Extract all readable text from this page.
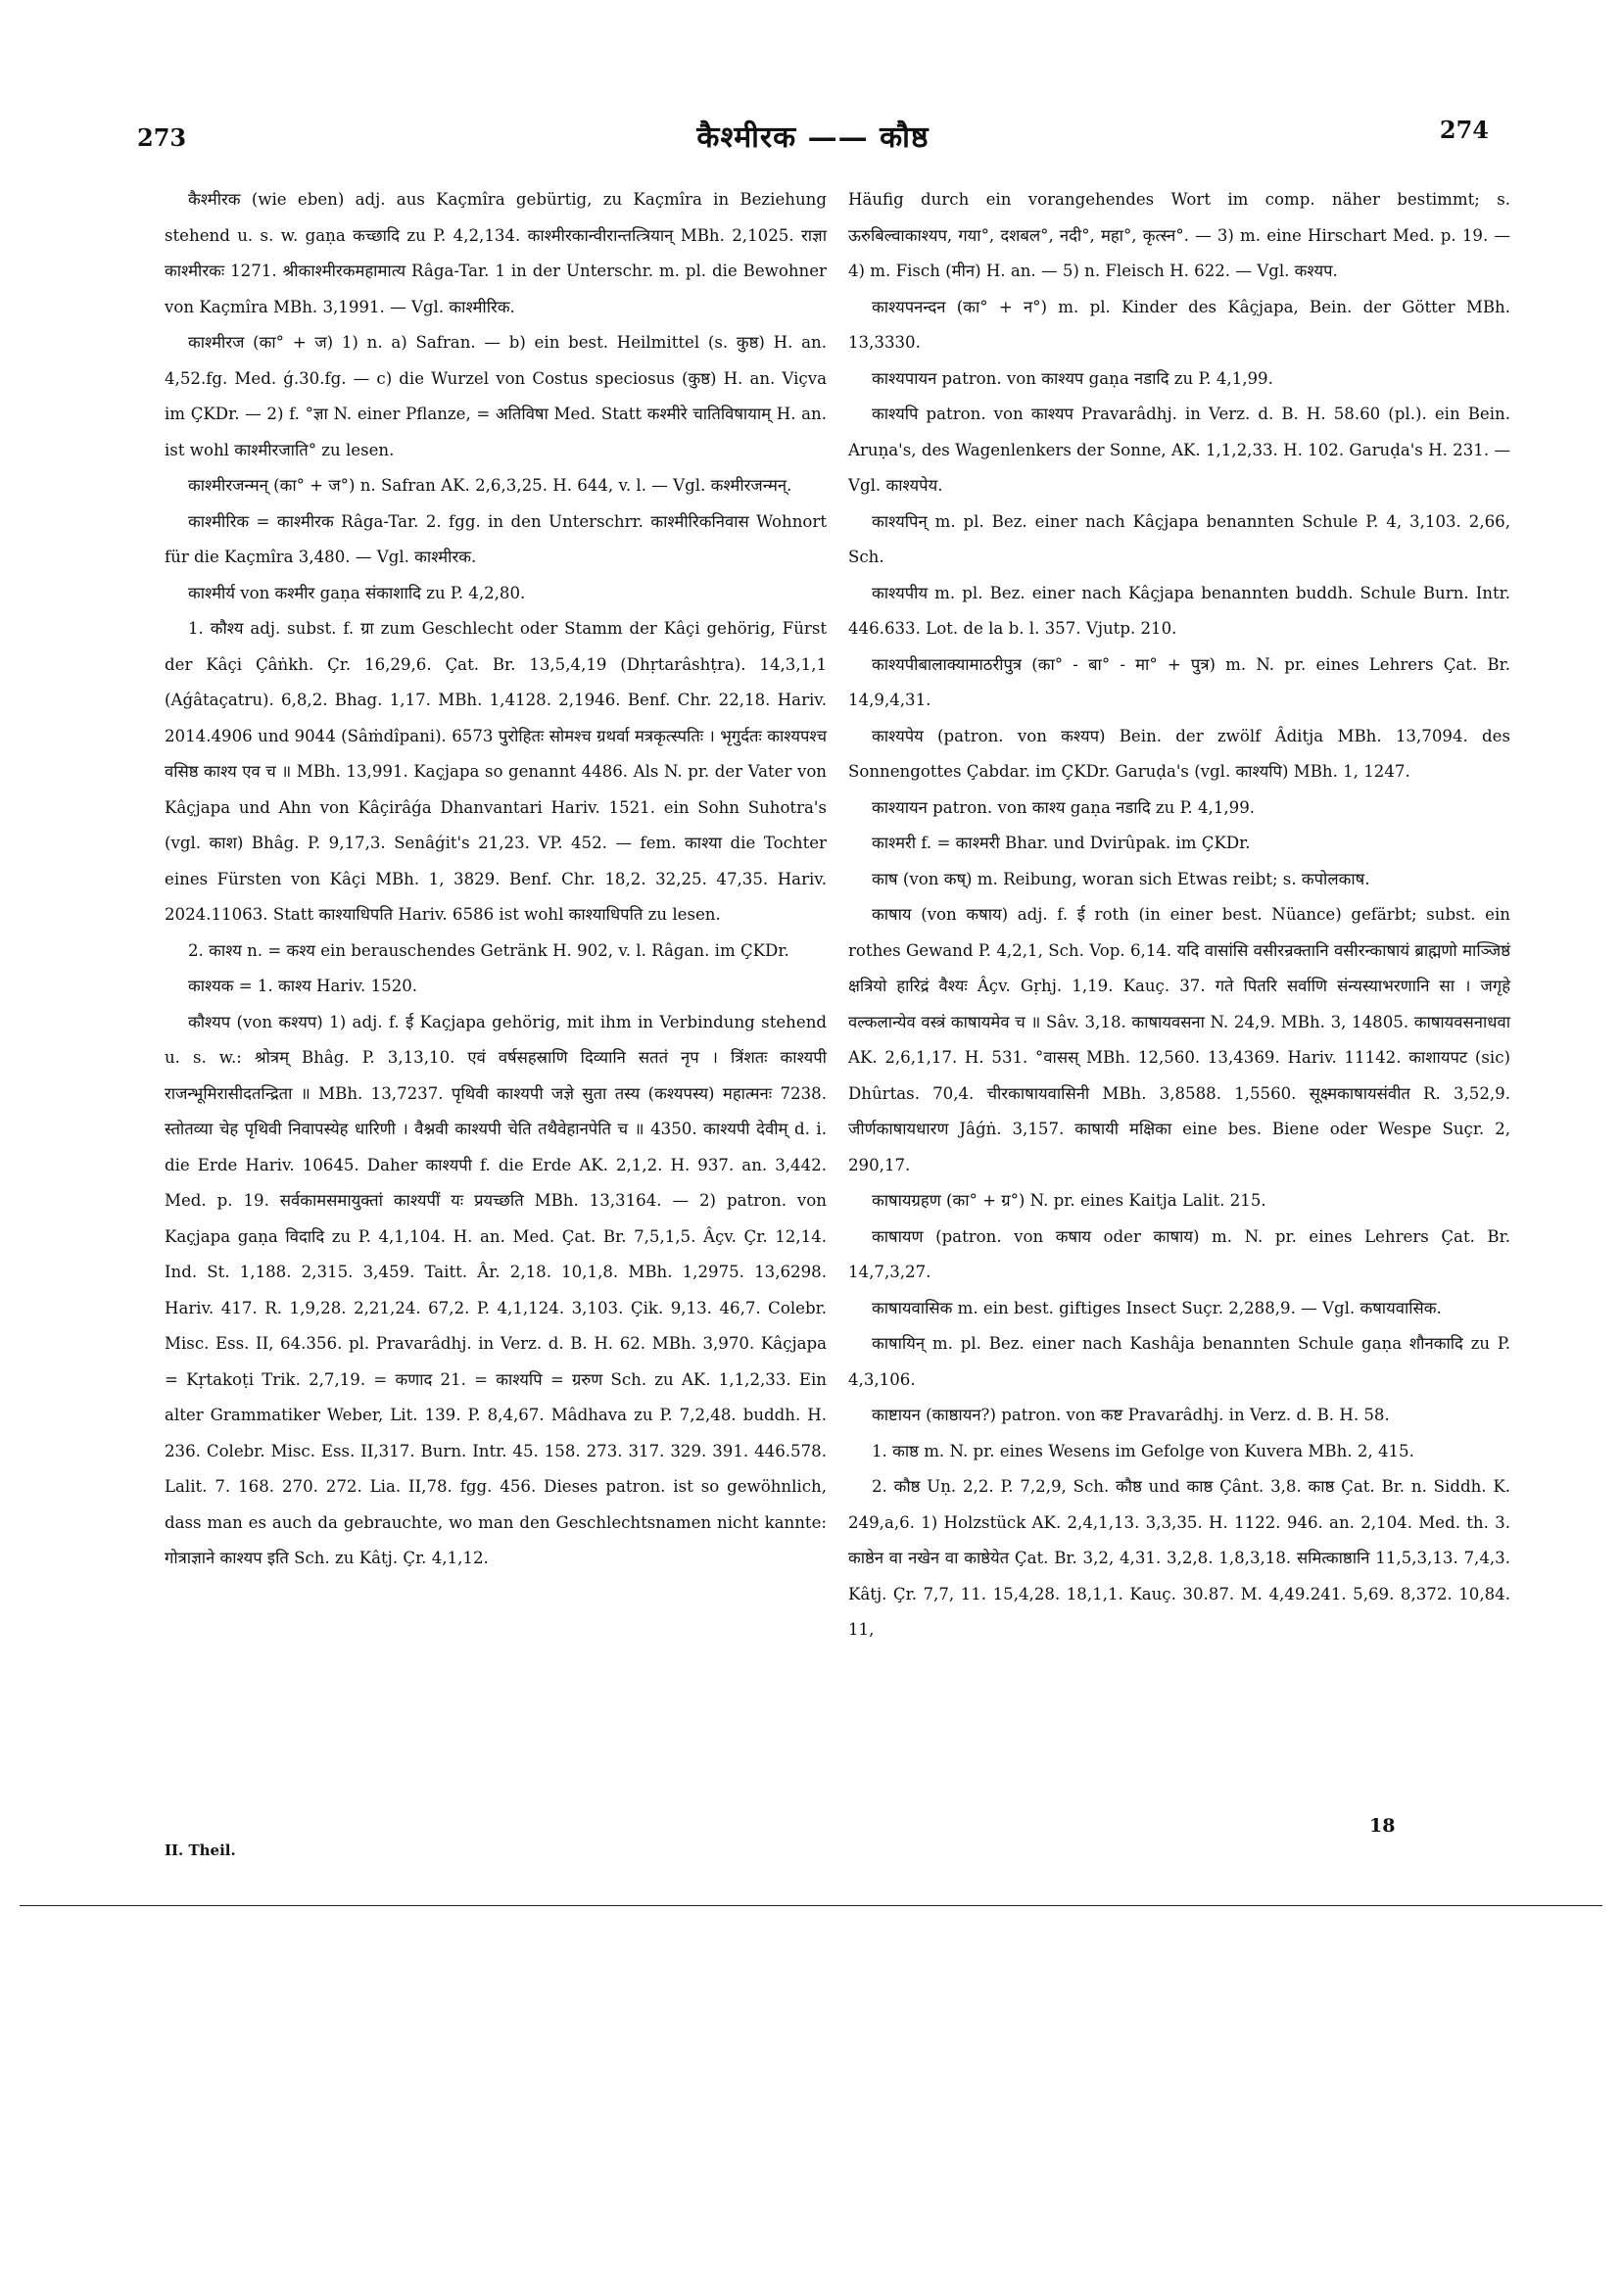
273	कैश्मीरक —— कौष्ठ	274

कैश्मीरक (wie eben) adj. aus Kaçmîra gebürtig, zu Kaçmîra in Beziehung stehend u. s. w. gaṇa कच्छादि zu P. 4,2,134. काश्मीरकान्वीरान्तत्त्रियान् MBh. 2,1025. राज्ञा काश्मीरकः 1271. श्रीकाश्मीरकमहामात्य Râga-Tar. 1 in der Unterschr. m. pl. die Bewohner von Kaçmîra MBh. 3,1991. — Vgl. काश्मीरिक.

काश्मीरज (का° + ज) 1) n. a) Safran. — b) ein best. Heilmittel (s. कुष्ठ) H. an. 4,52.fg. Med. ǵ.30.fg. — c) die Wurzel von Costus speciosus (कुष्ठ) H. an. Viçva im ÇKDr. — 2) f. °ज्ञा N. einer Pflanze, = अतिविषा Med. Statt कश्मीरे चातिविषायाम् H. an. ist wohl काश्मीरजाति° zu lesen.

काश्मीरजन्मन् (का° + ज°) n. Safran AK. 2,6,3,25. H. 644, v. l. — Vgl. कश्मीरजन्मन्.

काश्मीरिक = काश्मीरक Râga-Tar. 2. fgg. in den Unterschrr. काश्मीरिकनिवास Wohnort für die Kaçmîra 3,480. — Vgl. काश्मीरक.

काश्मीर्य von कश्मीर gaṇa संकाशादि zu P. 4,2,80.

1. कौश्य adj. subst. f. ग्रा zum Geschlecht oder Stamm der Kâçi gehörig, Fürst der Kâçi Çâṅkh. Çr. 16,29,6. Çat. Br. 13,5,4,19 (Dhṛtarâshṭra). 14,3,1,1 (Aǵâtaçatru). 6,8,2. Bhag. 1,17. MBh. 1,4128. 2,1946. Benf. Chr. 22,18. Hariv. 2014.4906 und 9044 (Sâṁdîpani). 6573 पुरोहितः सोमश्च ग्रथर्वा मत्रकृत्स्पतिः । भृगुर्दतः काश्यपश्च वसिष्ठ काश्य एव च ॥ MBh. 13,991. Kaçjapa so genannt 4486. Als N. pr. der Vater von Kâçjapa und Ahn von Kâçirâǵa Dhanvantari Hariv. 1521. ein Sohn Suhotra's (vgl. काश) Bhâg. P. 9,17,3. Senâǵit's 21,23. VP. 452. — fem. काश्या die Tochter eines Fürsten von Kâçi MBh. 1, 3829. Benf. Chr. 18,2. 32,25. 47,35. Hariv. 2024.11063. Statt काश्याधिपति Hariv. 6586 ist wohl काश्याधिपति zu lesen.

2. काश्य n. = कश्य ein berauschendes Getränk H. 902, v. l. Râgan. im ÇKDr.

काश्यक = 1. काश्य Hariv. 1520.

कौश्यप (von कश्यप) 1) adj. f. ई Kaçjapa gehörig, mit ihm in Verbindung stehend u. s. w.: श्रोत्रम् Bhâg. P. 3,13,10. एवं वर्षसहस्राणि दिव्यानि सततं नृप । त्रिंशतः काश्यपी राजन्भूमिरासीदतन्द्रिता ॥ MBh. 13,7237. पृथिवी काश्यपी जज्ञे सुता तस्य (कश्यपस्य) महात्मनः 7238. स्तोतव्या चेह पृथिवी निवापस्येह धारिणी । वैश्नवी काश्यपी चेति तथैवेहानपेति च ॥ 4350. काश्यपी देवीम् d. i. die Erde Hariv. 10645. Daher काश्यपी f. die Erde AK. 2,1,2. H. 937. an. 3,442. Med. p. 19. सर्वकामसमायुक्तां काश्यपीं यः प्रयच्छति MBh. 13,3164. — 2) patron. von Kaçjapa gaṇa विदादि zu P. 4,1,104. H. an. Med. Çat. Br. 7,5,1,5. Âçv. Çr. 12,14. Ind. St. 1,188. 2,315. 3,459. Taitt. Âr. 2,18. 10,1,8. MBh. 1,2975. 13,6298. Hariv. 417. R. 1,9,28. 2,21,24. 67,2. P. 4,1,124. 3,103. Çik. 9,13. 46,7. Colebr. Misc. Ess. II, 64.356. pl. Pravarâdhj. in Verz. d. B. H. 62. MBh. 3,970. Kâçjapa = Kṛtakoṭi Trik. 2,7,19. = कणाद 21. = काश्यपि = ग्ररुण Sch. zu AK. 1,1,2,33. Ein alter Grammatiker Weber, Lit. 139. P. 8,4,67. Mâdhava zu P. 7,2,48. buddh. H. 236. Colebr. Misc. Ess. II,317. Burn. Intr. 45. 158. 273. 317. 329. 391. 446.578. Lalit. 7. 168. 270. 272. Lia. II,78. fgg. 456. Dieses patron. ist so gewöhnlich, dass man es auch da gebrauchte, wo man den Geschlechtsnamen nicht kannte: गोत्राज्ञाने काश्यप इति Sch. zu Kâtj. Çr. 4,1,12.

Häufig durch ein vorangehendes Wort im comp. näher bestimmt; s. ऊरुबिल्वाकाश्यप, गया°, दशबल°, नदी°, महा°, कृत्स्न°. — 3) m. eine Hirschart Med. p. 19. — 4) m. Fisch (मीन) H. an. — 5) n. Fleisch H. 622. — Vgl. कश्यप.

काश्यपनन्दन (का° + न°) m. pl. Kinder des Kâçjapa, Bein. der Götter MBh. 13,3330.

काश्यपायन patron. von काश्यप gaṇa नडादि zu P. 4,1,99.

काश्यपि patron. von काश्यप Pravarâdhj. in Verz. d. B. H. 58.60 (pl.). ein Bein. Aruṇa's, des Wagenlenkers der Sonne, AK. 1,1,2,33. H. 102. Garuḍa's H. 231. — Vgl. काश्यपेय.

काश्यपिन् m. pl. Bez. einer nach Kâçjapa benannten Schule P. 4, 3,103. 2,66, Sch.

काश्यपीय m. pl. Bez. einer nach Kâçjapa benannten buddh. Schule Burn. Intr. 446.633. Lot. de la b. l. 357. Vjutp. 210.

काश्यपीबालाक्यामाठरीपुत्र (का° - बा° - मा° + पुत्र) m. N. pr. eines Lehrers Çat. Br. 14,9,4,31.

काश्यपेय (patron. von कश्यप) Bein. der zwölf Âditja MBh. 13,7094. des Sonnengottes Çabdar. im ÇKDr. Garuḍa's (vgl. काश्यपि) MBh. 1, 1247.

काश्यायन patron. von काश्य gaṇa नडादि zu P. 4,1,99.

काश्मरी f. = काश्मरी Bhar. und Dvirûpak. im ÇKDr.

काष (von कष्) m. Reibung, woran sich Etwas reibt; s. कपोलकाष.

काषाय (von कषाय) adj. f. ई roth (in einer best. Nüance) gefärbt; subst. ein rothes Gewand P. 4,2,1, Sch. Vop. 6,14. यदि वासांसि वसीरन्रक्तानि वसीरन्काषायं ब्राह्मणो माञ्जिष्ठं क्षत्रियो हारिद्रं वैश्यः Âçv. Gṛhj. 1,19. Kauç. 37. गते पितरि सर्वाणि संन्यस्याभरणानि सा । जगृहे वल्कलान्येव वस्त्रं काषायमेव च ॥ Sâv. 3,18. काषायवसना N. 24,9. MBh. 3, 14805. काषायवसनाधवा AK. 2,6,1,17. H. 531. °वासस् MBh. 12,560. 13,4369. Hariv. 11142. काशायपट (sic) Dhûrtas. 70,4. चीरकाषायवासिनी MBh. 3,8588. 1,5560. सूक्ष्मकाषायसंवीत R. 3,52,9. जीर्णकाषायधारण Jâǵṅ. 3,157. काषायी मक्षिका eine bes. Biene oder Wespe Suçr. 2, 290,17.

काषायग्रहण (का° + ग्र°) N. pr. eines Kaitja Lalit. 215.

काषायण (patron. von कषाय oder काषाय) m. N. pr. eines Lehrers Çat. Br. 14,7,3,27.

काषायवासिक m. ein best. giftiges Insect Suçr. 2,288,9. — Vgl. कषायवासिक.

काषायिन् m. pl. Bez. einer nach Kashâja benannten Schule gaṇa शौनकादि zu P. 4,3,106.

काष्टायन (काष्ठायन?) patron. von कष्ट Pravarâdhj. in Verz. d. B. H. 58.

1. काष्ठ m. N. pr. eines Wesens im Gefolge von Kuvera MBh. 2, 415.

2. कौष्ठ Uṇ. 2,2. P. 7,2,9, Sch. कौष्ठ und काष्ठ Çânt. 3,8. काष्ठ Çat. Br. n. Siddh. K. 249,a,6. 1) Holzstück AK. 2,4,1,13. 3,3,35. H. 1122. 946. an. 2,104. Med. th. 3. काष्ठेन वा नखेन वा काष्ठेयेत Çat. Br. 3,2, 4,31. 3,2,8. 1,8,3,18. समित्काष्ठानि 11,5,3,13. 7,4,3. Kâtj. Çr. 7,7, 11. 15,4,28. 18,1,1. Kauç. 30.87. M. 4,49.241. 5,69. 8,372. 10,84. 11,

II. Theil.
18
